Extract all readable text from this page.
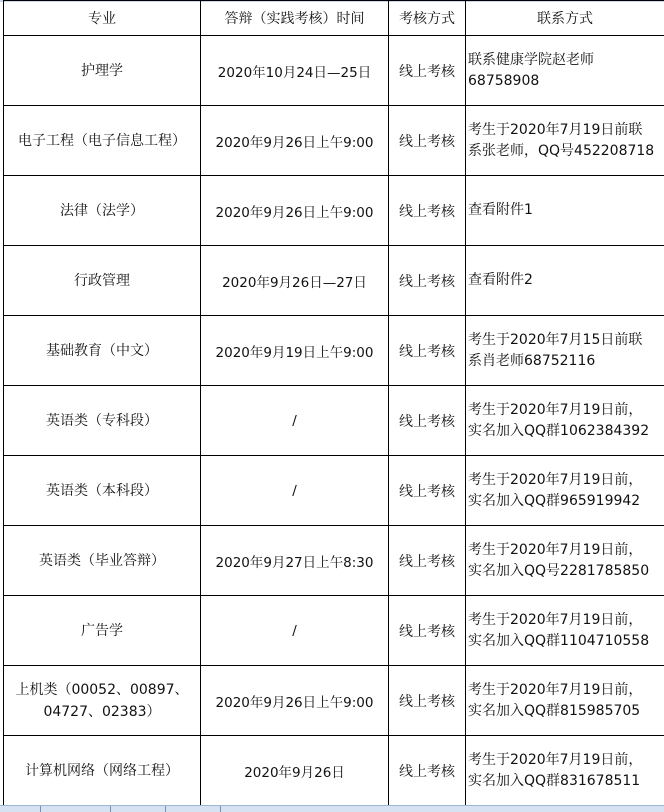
专业	答辩（实践考核）时间	考核方式	联系方式
护理学	2020年10月24日—25日	线上考核	联系健康学院赵老师
68758908
电子工程（电子信息工程）	2020年9月26日上午9:00	线上考核	考生于2020年7月19日前联
系张老师，QQ号452208718
法律（法学）	2020年9月26日上午9:00	线上考核	查看附件1
行政管理	2020年9月26日—27日	线上考核	查看附件2
基础教育（中文）	2020年9月19日上午9:00	线上考核	考生于2020年7月15日前联
系肖老师68752116
英语类（专科段）	/	线上考核	考生于2020年7月19日前，
实名加入QQ群1062384392
英语类（本科段）	/	线上考核	考生于2020年7月19日前，
实名加入QQ群965919942
英语类（毕业答辩）	2020年9月27日上午8:30	线上考核	考生于2020年7月19日前，
实名加入QQ号2281785850
广告学	/	线上考核	考生于2020年7月19日前，
实名加入QQ群1104710558
上机类（00052、00897、
04727、02383）	2020年9月26日上午9:00	线上考核	考生于2020年7月19日前，
实名加入QQ群815985705
计算机网络（网络工程）	2020年9月26日	线上考核	考生于2020年7月19日前，
实名加入QQ群831678511
